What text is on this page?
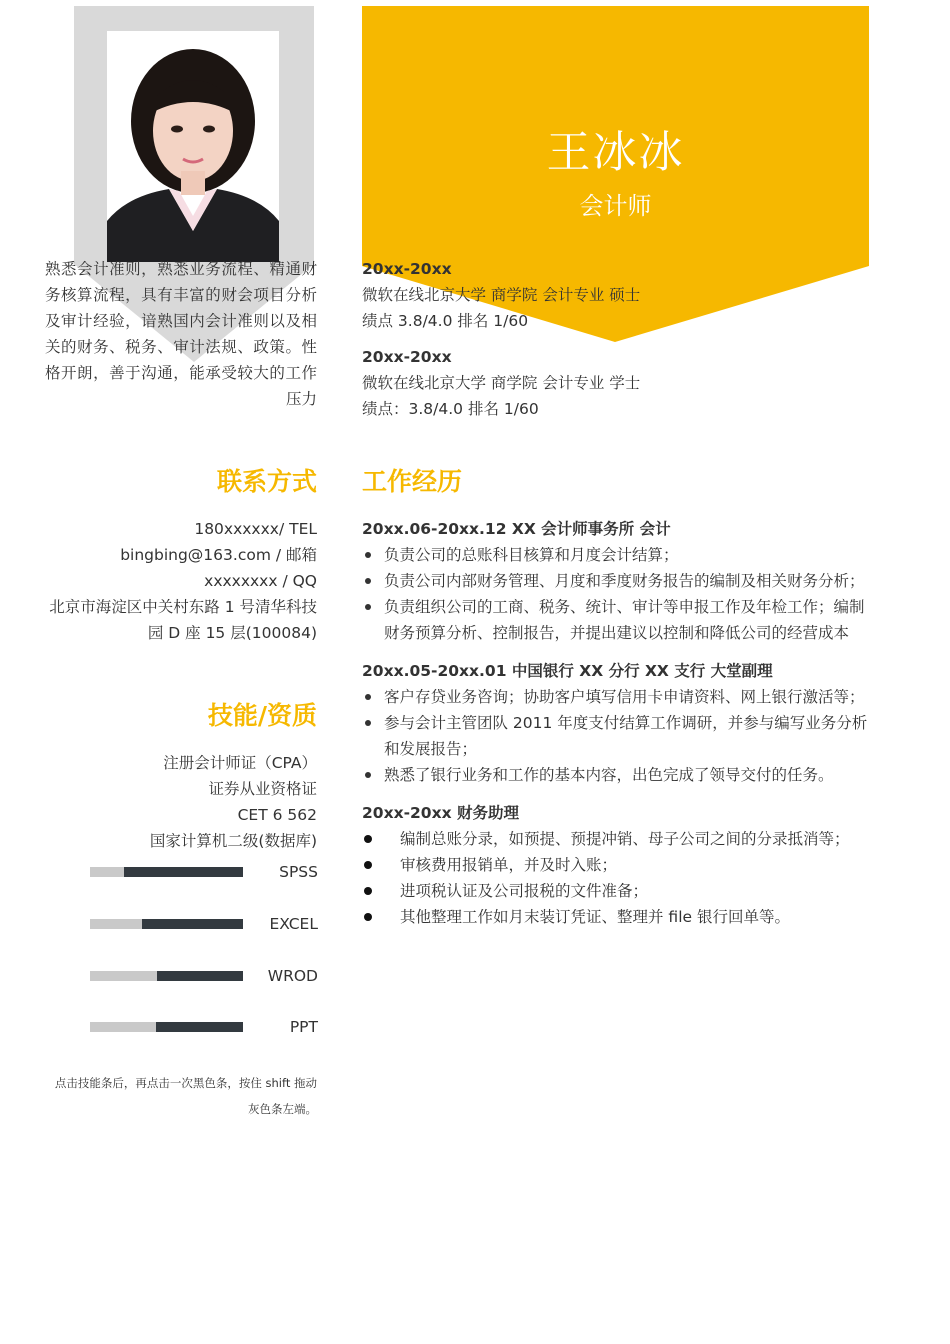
王冰冰
会计师
熟悉会计准则，熟悉业务流程、精通财务核算流程，具有丰富的财会项目分析及审计经验，谙熟国内会计准则以及相关的财务、税务、审计法规、政策。性格开朗，善于沟通，能承受较大的工作压力
20xx-20xx
微软在线北京大学 商学院 会计专业 硕士
绩点 3.8/4.0 排名 1/60
20xx-20xx
微软在线北京大学 商学院 会计专业 学士
绩点：3.8/4.0 排名 1/60
联系方式
180xxxxxx/ TEL
bingbing@163.com / 邮箱
xxxxxxxx / QQ
北京市海淀区中关村东路 1 号清华科技
园 D 座 15 层(100084)
技能/资质
注册会计师证（CPA）
证券从业资格证
CET 6 562
国家计算机二级(数据库)
SPSS
EXCEL
WROD
PPT
点击技能条后，再点击一次黑色条，按住 shift 拖动灰色条左端。
工作经历
20xx.06-20xx.12 XX 会计师事务所 会计
负责公司的总账科目核算和月度会计结算；
负责公司内部财务管理、月度和季度财务报告的编制及相关财务分析；
负责组织公司的工商、税务、统计、审计等申报工作及年检工作；编制财务预算分析、控制报告，并提出建议以控制和降低公司的经营成本
20xx.05-20xx.01 中国银行 XX 分行 XX 支行 大堂副理
客户存贷业务咨询；协助客户填写信用卡申请资料、网上银行激活等；
参与会计主管团队 2011 年度支付结算工作调研，并参与编写业务分析和发展报告；
熟悉了银行业务和工作的基本内容，出色完成了领导交付的任务。
20xx-20xx 财务助理
编制总账分录，如预提、预提冲销、母子公司之间的分录抵消等；
审核费用报销单，并及时入账；
进项税认证及公司报税的文件准备；
其他整理工作如月末装订凭证、整理并 file 银行回单等。
